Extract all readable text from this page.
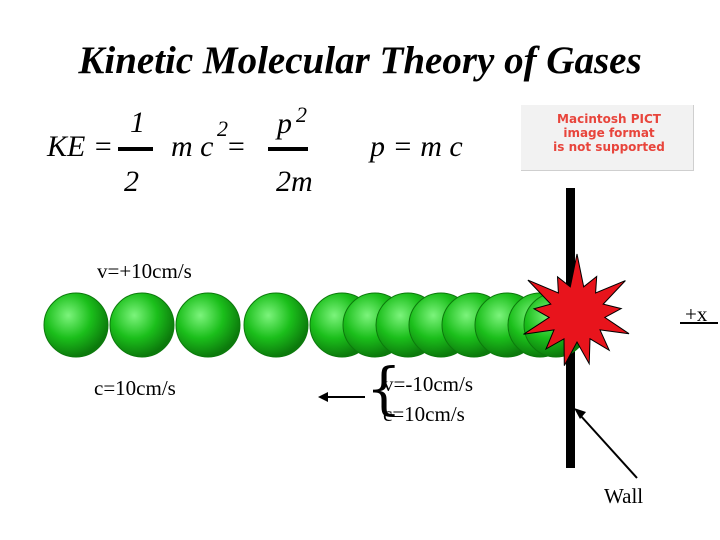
Kinetic Molecular Theory of Gases
KE =
1
2
m c
2
=
p 2
2m
p = m c
Macintosh PICT
image format
is not supported
v=+10cm/s
c=10cm/s	{
v=-10cm/s
c=10cm/s
+x
Wall
